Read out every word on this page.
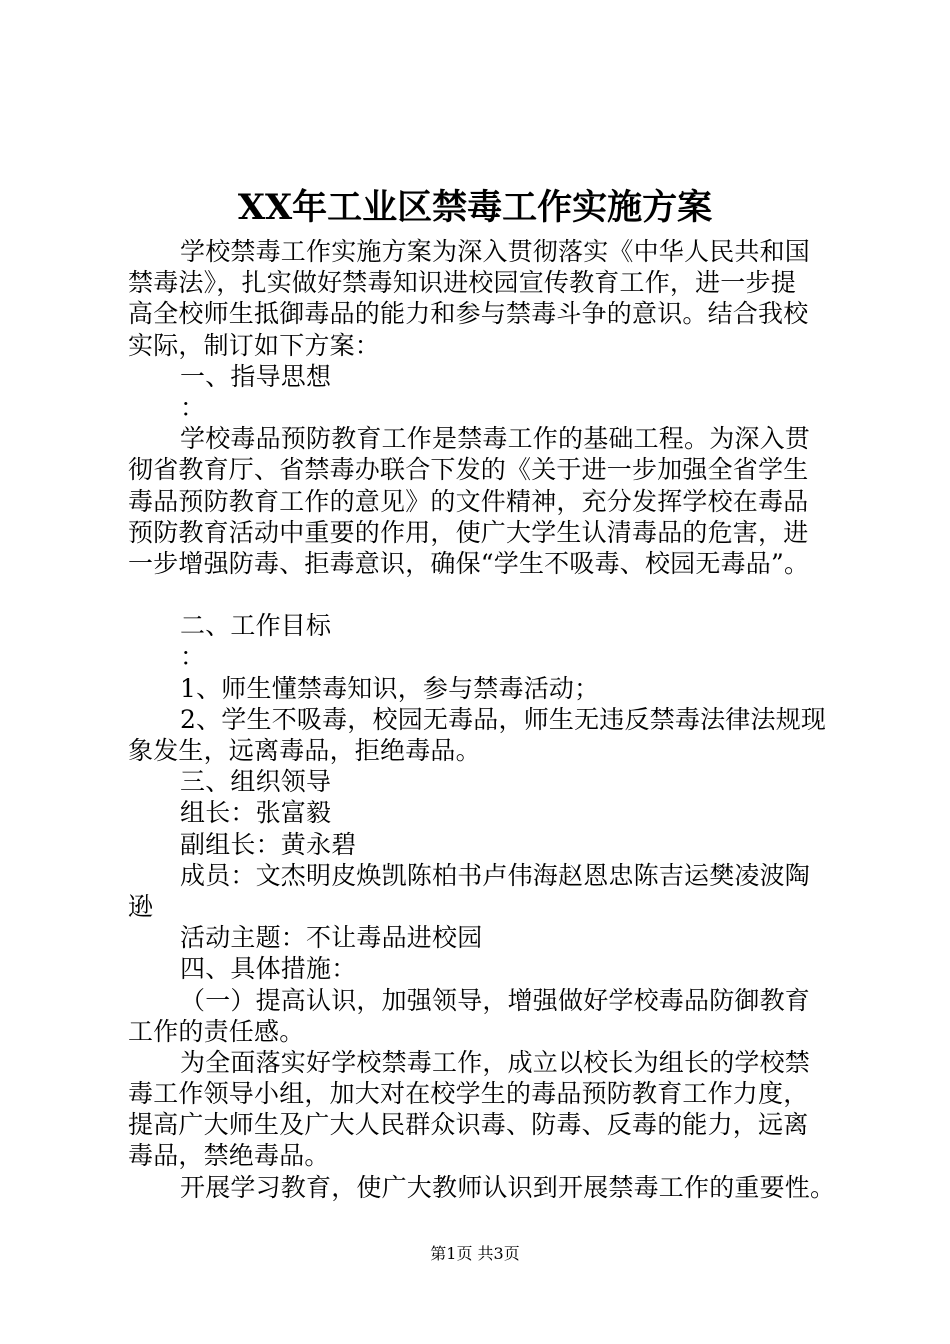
XX年工业区禁毒工作实施方案
学校禁毒工作实施方案为深入贯彻落实《中华人民共和国
禁毒法》，扎实做好禁毒知识进校园宣传教育工作，进一步提
高全校师生抵御毒品的能力和参与禁毒斗争的意识。结合我校
实际，制订如下方案：
一、指导思想
：
学校毒品预防教育工作是禁毒工作的基础工程。为深入贯
彻省教育厅、省禁毒办联合下发的《关于进一步加强全省学生
毒品预防教育工作的意见》的文件精神，充分发挥学校在毒品
预防教育活动中重要的作用，使广大学生认清毒品的危害，进
一步增强防毒、拒毒意识，确保“学生不吸毒、校园无毒品”。
二、工作目标
：
1、师生懂禁毒知识，参与禁毒活动；
2、学生不吸毒，校园无毒品，师生无违反禁毒法律法规现
象发生，远离毒品，拒绝毒品。
三、组织领导
组长：张富毅
副组长：黄永碧
成员：文杰明皮焕凯陈柏书卢伟海赵恩忠陈吉运樊凌波陶
逊
活动主题：不让毒品进校园
四、具体措施：
（一）提高认识，加强领导，增强做好学校毒品防御教育
工作的责任感。
为全面落实好学校禁毒工作，成立以校长为组长的学校禁
毒工作领导小组，加大对在校学生的毒品预防教育工作力度，
提高广大师生及广大人民群众识毒、防毒、反毒的能力，远离
毒品，禁绝毒品。
开展学习教育，使广大教师认识到开展禁毒工作的重要性。
第1页 共3页
